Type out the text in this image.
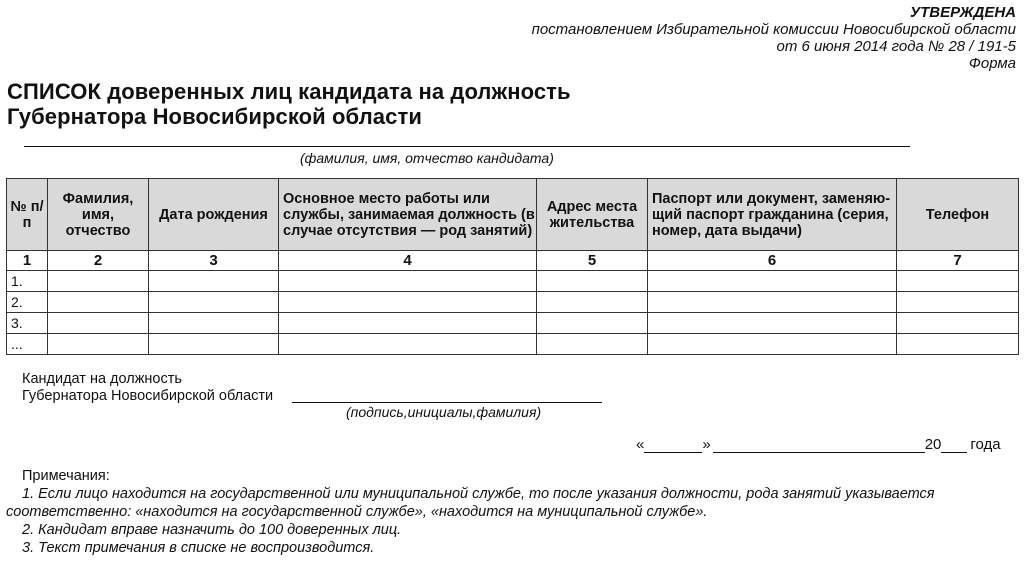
УТВЕРЖДЕНА
постановлением Избирательной комиссии Новосибирской области
от 6 июня 2014 года № 28 / 191-5
Форма
СПИСОК доверенных лиц кандидата на должность
Губернатора Новосибирской области
(фамилия, имя, отчество кандидата)
№ п/п	Фамилия, имя, отчество	Дата рождения	Основное место работы или службы, занимаемая должность (в случае отсутствия — род занятий)	Адрес места жительства	Паспорт или документ, заменяю-щий паспорт гражданина (серия, номер, дата выдачи)	Телефон
1	2	3	4	5	6	7
1.						
2.						
3.						
...						
Кандидат на должность
Губернатора Новосибирской области
(подпись,инициалы,фамилия)
«	»	20 года
Примечания:
1. Если лицо находится на государственной или муниципальной службе, то после указания должности, рода занятий указывается
соответственно: «находится на государственной службе», «находится на муниципальной службе».
2. Кандидат вправе назначить до 100 доверенных лиц.
3. Текст примечания в списке не воспроизводится.
